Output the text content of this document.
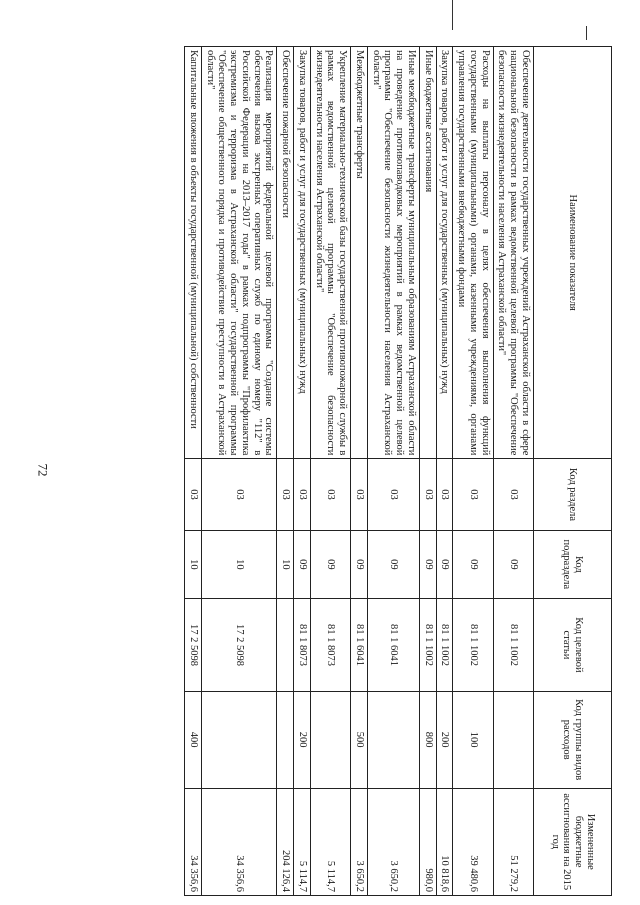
72
Наименование показателя	Код раздела	Код подраздела	Код целевой статьи	Код группы видов расходов	Измененные бюджетные ассигнования на 2015 год
Обеспечение деятельности государственных учреждений Астраханской области в сфере национальной безопасности в рамках ведомственной целевой программы "Обеспечение безопасности жизнедеятельности населения Астраханской области"	03	09	81 1 1002		51 279,2
Расходы на выплаты персоналу в целях обеспечения выполнения функций государственными (муниципальными) органами, казенными учреждениями, органами управления государственными внебюджетными фондами	03	09	81 1 1002	100	39 480,6
Закупка товаров, работ и услуг для государственных (муниципальных) нужд	03	09	81 1 1002	200	10 818,6
Иные бюджетные ассигнования	03	09	81 1 1002	800	980,0
Иные межбюджетные трансферты муниципальным образованиям Астраханской области на проведение противопаводковых мероприятий в рамках ведомственной целевой программы "Обеспечение безопасности жизнедеятельности населения Астраханской области"	03	09	81 1 6041		3 650,2
Межбюджетные трансферты	03	09	81 1 6041	500	3 650,2
Укрепление материально-технической базы государственной противопожарной службы в рамках ведомственной целевой программы "Обеспечение безопасности жизнедеятельности населения Астраханской области"	03	09	81 1 8073		5 114,7
Закупка товаров, работ и услуг для государственных (муниципальных) нужд	03	09	81 1 8073	200	5 114,7
Обеспечение пожарной безопасности	03	10			204 126,4
Реализация мероприятий федеральной целевой программы "Создание системы обеспечения вызова экстренных оперативных служб по единому номеру "112" в Российской Федерации на 2013–2017 годы" в рамках подпрограммы "Профилактика экстремизма и терроризма в Астраханской области" государственной программы "Обеспечение общественного порядка и противодействие преступности в Астраханской области"	03	10	17 2 5098		34 356,6
Капитальные вложения в объекты государственной (муниципальной) собственности	03	10	17 2 5098	400	34 356,6
